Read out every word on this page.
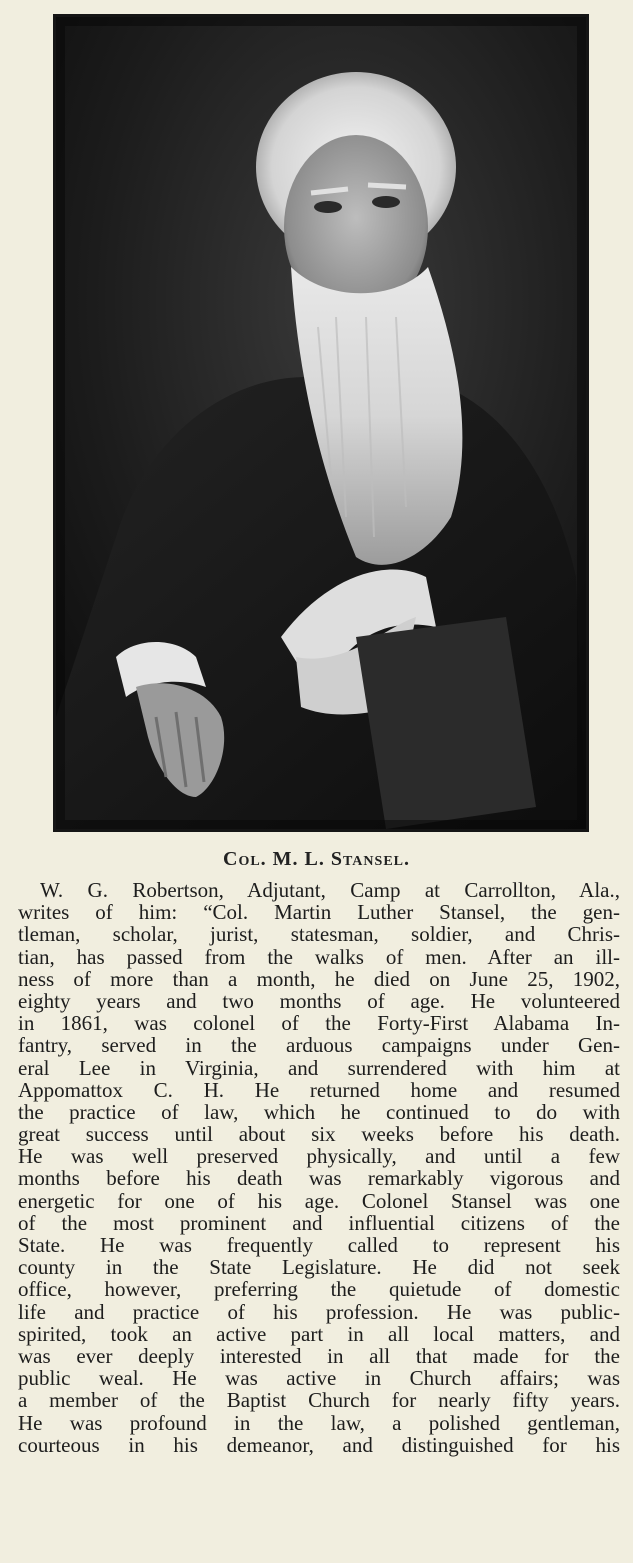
Col. M. L. Stansel.
W. G. Robertson, Adjutant, Camp at Carrollton, Ala.,
writes of him: “Col. Martin Luther Stansel, the gen-
tleman, scholar, jurist, statesman, soldier, and Chris-
tian, has passed from the walks of men. After an ill-
ness of more than a month, he died on June 25, 1902,
eighty years and two months of age. He volunteered
in 1861, was colonel of the Forty-First Alabama In-
fantry, served in the arduous campaigns under Gen-
eral Lee in Virginia, and surrendered with him at
Appomattox C. H. He returned home and resumed
the practice of law, which he continued to do with
great success until about six weeks before his death.
He was well preserved physically, and until a few
months before his death was remarkably vigorous and
energetic for one of his age. Colonel Stansel was one
of the most prominent and influential citizens of the
State. He was frequently called to represent his
county in the State Legislature. He did not seek
office, however, preferring the quietude of domestic
life and practice of his profession. He was public-
spirited, took an active part in all local matters, and
was ever deeply interested in all that made for the
public weal. He was active in Church affairs; was
a member of the Baptist Church for nearly fifty years.
He was profound in the law, a polished gentleman,
courteous in his demeanor, and distinguished for his
